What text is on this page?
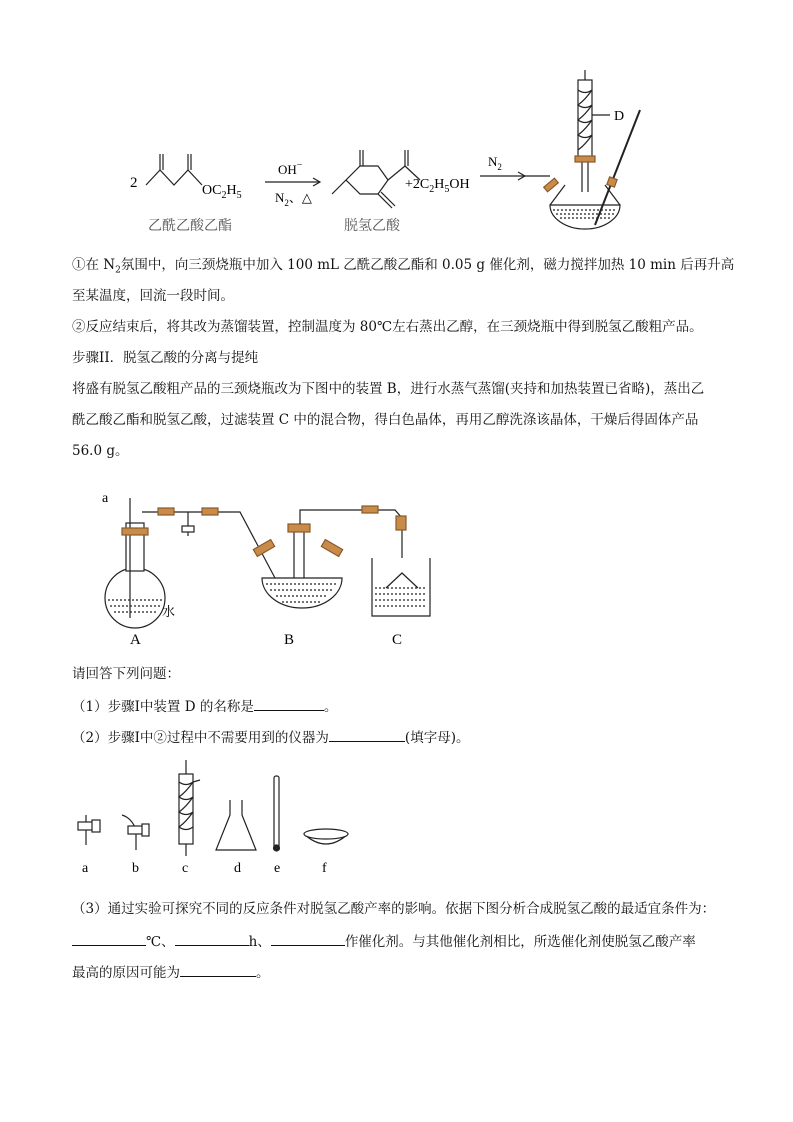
2	$OC_2H_5$
乙酰乙酸乙酯
OH−
$N_2$、△
脱氢乙酸
$+2C_2H_5OH$
$N_2$
D
①在 $N_2$氛围中，向三颈烧瓶中加入 100 mL 乙酰乙酸乙酯和 0.05 g 催化剂，磁力搅拌加热 10 min 后再升高
至某温度，回流一段时间。
②反应结束后，将其改为蒸馏装置，控制温度为 80℃左右蒸出乙醇，在三颈烧瓶中得到脱氢乙酸粗产品。
步骤II．脱氢乙酸的分离与提纯
将盛有脱氢乙酸粗产品的三颈烧瓶改为下图中的装置 B，进行水蒸气蒸馏(夹持和加热装置已省略)，蒸出乙
酰乙酸乙酯和脱氢乙酸，过滤装置 C 中的混合物，得白色晶体，再用乙醇洗涤该晶体，干燥后得固体产品
56.0 g。
a
水
A	B	C
请回答下列问题：
（1）步骤I中装置 D 的名称是	。
（2）步骤I中②过程中不需要用到的仪器为	(填字母)。
a	b	c	d e	f
（3）通过实验可探究不同的反应条件对脱氢乙酸产率的影响。依据下图分析合成脱氢乙酸的最适宜条件为：
℃、	h、	作催化剂。与其他催化剂相比，所选催化剂使脱氢乙酸产率
最高的原因可能为	。
